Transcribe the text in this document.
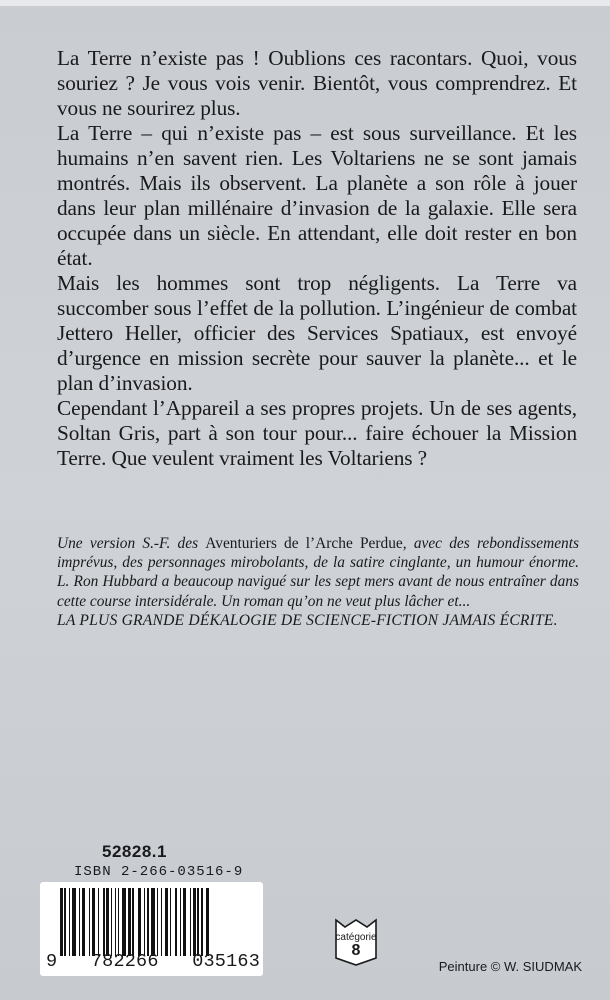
La Terre n’existe pas ! Oublions ces racontars. Quoi, vous souriez ? Je vous vois venir. Bientôt, vous comprendrez. Et vous ne sourirez plus.

La Terre – qui n’existe pas – est sous surveillance. Et les humains n’en savent rien. Les Voltariens ne se sont jamais montrés. Mais ils observent. La planète a son rôle à jouer dans leur plan millénaire d’invasion de la galaxie. Elle sera occupée dans un siècle. En attendant, elle doit rester en bon état.

Mais les hommes sont trop négligents. La Terre va succomber sous l’effet de la pollution. L’ingénieur de combat Jettero Heller, officier des Services Spatiaux, est envoyé d’urgence en mission secrète pour sauver la planète... et le plan d’invasion.

Cependant l’Appareil a ses propres projets. Un de ses agents, Soltan Gris, part à son tour pour... faire échouer la Mission Terre. Que veulent vraiment les Voltariens ?

Une version S.-F. des Aventuriers de l’Arche Perdue, avec des rebondissements imprévus, des personnages mirobolants, de la satire cinglante, un humour énorme. L. Ron Hubbard a beaucoup navigué sur les sept mers avant de nous entraîner dans cette course intersidérale. Un roman qu’on ne veut plus lâcher et...

LA PLUS GRANDE DÉKALOGIE DE SCIENCE-FICTION JAMAIS ÉCRITE.

52828.1
ISBN 2-266-03516-9
9 782266 035163
catégorie
8
Peinture © W. SIUDMAK
